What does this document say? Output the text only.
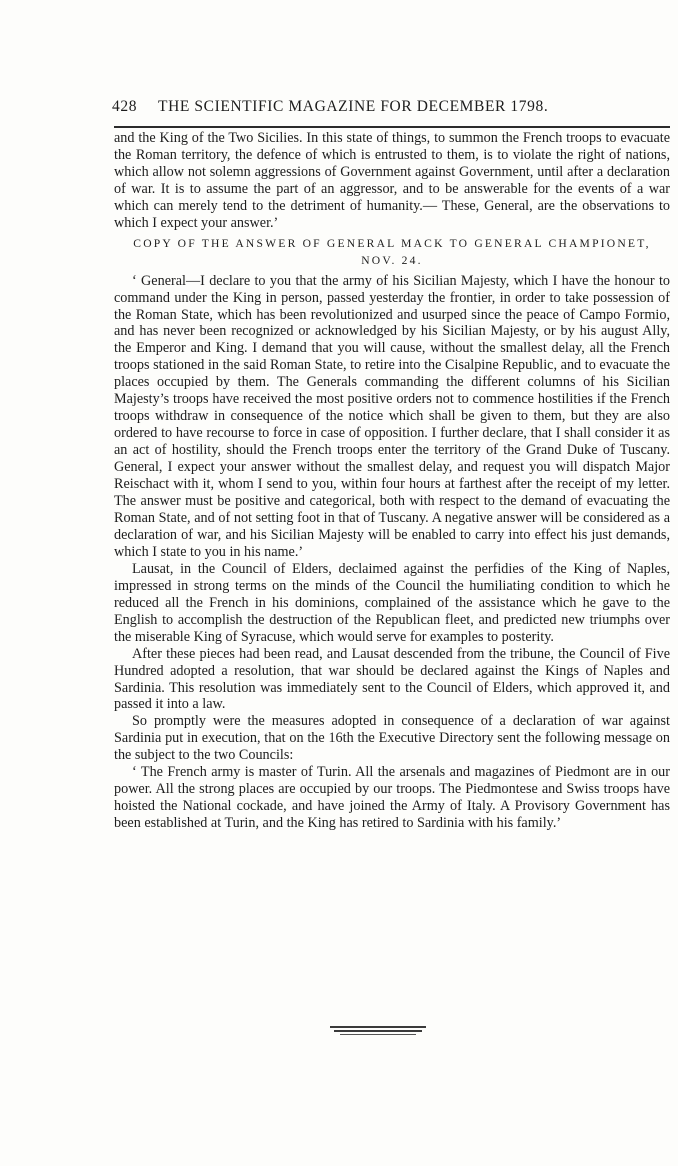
428	THE SCIENTIFIC MAGAZINE FOR DECEMBER 1798.

and the King of the Two Sicilies. In this state of things, to summon the French troops to evacuate the Roman territory, the defence of which is entrusted to them, is to violate the right of nations, which allow not solemn aggressions of Government against Government, until after a declaration of war. It is to assume the part of an aggressor, and to be answerable for the events of a war which can merely tend to the detriment of humanity.— These, General, are the observations to which I expect your answer.’

COPY OF THE ANSWER OF GENERAL MACK TO GENERAL CHAMPIONET, NOV. 24.

‘ General—I declare to you that the army of his Sicilian Majesty, which I have the honour to command under the King in person, passed yesterday the frontier, in order to take possession of the Roman State, which has been revolutionized and usurped since the peace of Campo Formio, and has never been recognized or acknowledged by his Sicilian Majesty, or by his august Ally, the Emperor and King. I demand that you will cause, without the smallest delay, all the French troops stationed in the said Roman State, to retire into the Cisalpine Republic, and to evacuate the places occupied by them. The Generals commanding the different columns of his Sicilian Majesty’s troops have received the most positive orders not to commence hostilities if the French troops withdraw in consequence of the notice which shall be given to them, but they are also ordered to have recourse to force in case of opposition. I further declare, that I shall consider it as an act of hostility, should the French troops enter the territory of the Grand Duke of Tuscany. General, I expect your answer without the smallest delay, and request you will dispatch Major Reischact with it, whom I send to you, within four hours at farthest after the receipt of my letter. The answer must be positive and categorical, both with respect to the demand of evacuating the Roman State, and of not setting foot in that of Tuscany. A negative answer will be considered as a declaration of war, and his Sicilian Majesty will be enabled to carry into effect his just demands, which I state to you in his name.’

Lausat, in the Council of Elders, declaimed against the perfidies of the King of Naples, impressed in strong terms on the minds of the Council the humiliating condition to which he reduced all the French in his dominions, complained of the assistance which he gave to the English to accomplish the destruction of the Republican fleet, and predicted new triumphs over the miserable King of Syracuse, which would serve for examples to posterity.

After these pieces had been read, and Lausat descended from the tribune, the Council of Five Hundred adopted a resolution, that war should be declared against the Kings of Naples and Sardinia. This resolution was immediately sent to the Council of Elders, which approved it, and passed it into a law.

So promptly were the measures adopted in consequence of a declaration of war against Sardinia put in execution, that on the 16th the Executive Directory sent the following message on the subject to the two Councils:

‘ The French army is master of Turin. All the arsenals and magazines of Piedmont are in our power. All the strong places are occupied by our troops. The Piedmontese and Swiss troops have hoisted the National cockade, and have joined the Army of Italy. A Provisory Government has been established at Turin, and the King has retired to Sardinia with his family.’
